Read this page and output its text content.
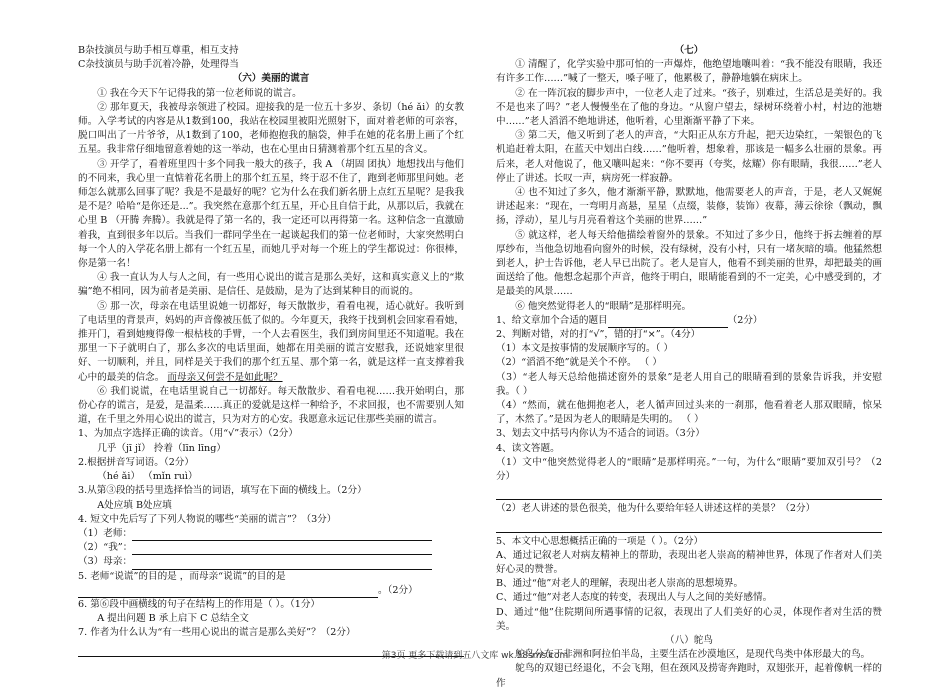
B杂技演员与助手相互尊重，相互支持

C杂技演员与助手沉着冷静，处理得当

（六）美丽的谎言

① 我在今天下午记得我的第一位老师说的谎言。

② 那年夏天，我被母亲领进了校园。迎接我的是一位五十多岁、条切（hé ǎi）的女教师。入学考试的内容是从1数到100，我站在校园里被阳光照射下，面对着老师的可亲容，脱口叫出了一片爷爷，从1数到了100，老师抱抱我的脑袋，伸手在她的花名册上画了个红五星。我非常仔细地留意着她的这一举动，也在心里由日猜测着那个红五星的含义。

③ 开学了，看着班里四十多个同我一般大的孩子，我 A （胡固 团执）地想找出与他们的不同来，我心里一直惦着花名册上的那个红五星，终于忍不住了，跑到老师那里问她。老师怎么就那么回事了呢？我是不是最好的呢？它为什么在我们新名册上点红五星呢？是我我是不是？哈哈“是你还是...”。我突然在意那个红五星，开心且自信于此，从那以后，我就在心里 B （开腾 奔腾）。我就是得了第一名的，我一定还可以再得第一名。这种信念一直激励着我，直到很多年以后。当我们一群同学坐在一起谈起我们的第一位老师时，大家突然明白每一个人的入学花名册上都有一个红五星，而她几乎对每一个班上的学生都说过：你很棒，你是第一名！

④ 我一直认为人与人之间，有一些用心说出的谎言是那么美好，这和真实意义上的“欺骗”绝不相同，因为前者是美丽、是信任、是鼓励，是为了达到某种目的而说的。

⑤ 那一次，母亲在电话里说她一切都好，每天散散步，看看电视，适心就好。我听到了电话里的背景声，妈妈的声音像被压低了似的。今年夏天，我终于找到机会回家看看她，推开门，看到她瘦得像一根枯枝的手臂，一个人去看医生，我们到房间里还不知道呢。我在那里一下子就明白了，那么多次的电话里面，她都在用美丽的谎言安慰我，还说她家里很好、一切顺利，并且，同样是关于我们的那个红五星、那个第一名，就是这样一直支撑着我心中的最美的信念。 而母亲又何尝不是如此呢？

⑥ 我们说谎，在电话里说自己一切都好。每天散散步、看看电视……我开始明白，那份心存的谎言，是爱，是温柔……真正的爱就是这样一种给予，不求回报，也不需要别人知道，在千里之外用心说出的谎言，只为对方的心安。我愿意永远记住那些美丽的谎言。

1、为加点字选择正确的读音。（用“√”表示）（2分）

几乎（jī jǐ） 拎着（līn līng）

2.根据拼音写词语。（2分）

（hé ǎi） （mǐn ruì）

3.从第③段的括号里选择恰当的词语，填写在下面的横线上。（2分）

A处应填 B处应填

4. 短文中先后写了下列人物说的哪些“美丽的谎言”？（3分）

（1）老师：

（2）“我”：

（3）母亲：

5. 老师“说谎”的目的是 ，而母亲“说谎”的目的是

。（2分）

6. 第⑥段中画横线的句子在结构上的作用是（ ）。（1分）

A 提出问题 B 承上启下 C 总结全文

7. 作者为什么认为“有一些用心说出的谎言是那么美好”？（2分）

（七）

① 清醒了，化学实验中那可怕的一声爆炸，他绝望地嚷叫着：“我不能没有眼睛，我还有许多工作……”喊了一整天，嗓子哑了，他累极了，静静地躺在病床上。

② 在一阵沉寂的脚步声中，一位老人走了过来。“孩子，别难过，生活总是美好的。我不是也来了吗？”老人慢慢坐在了他的身边。“从窗户望去，绿树环绕着小村，村边的池塘中……”老人滔滔不绝地讲述，他听着，心里渐渐平静了下来。

③ 第二天，他又听到了老人的声音，“大阳正从东方升起，把天边染红，一架银色的飞机追赶着太阳，在蓝天中划出白线……”他听着，想象着，那该是一幅多么壮丽的景象。再后来，老人对他说了，他又嚷叫起来：“你不要再（夸奖，炫耀）你有眼睛，我很……”老人停止了讲述。长叹一声，病房死一样寂静。

④ 也不知过了多久，他才渐渐平静，默默地，他需要老人的声音，于是，老人又娓娓讲述起来：“现在，一弯明月高悬，星星（点缀，装修，装饰）夜幕，薄云徐徐（飘动，飘扬，浮动），星儿与月亮看着这个美丽的世界……”

⑤ 就这样，老人每天给他描绘着窗外的景象。不知过了多少日，他终于拆去缠着的厚厚纱布，当他急切地看向窗外的时候，没有绿树，没有小村，只有一堵灰暗的墙。他猛然想到老人，护士告诉他，老人早已出院了。老人是盲人，他看不到美丽的世界，却把最美的画面送给了他。他想念起那个声音，他终于明白，眼睛能看到的不一定美，心中感受到的，才是最美的风景……

⑥ 他突然觉得老人的“眼睛”是那样明亮。

1、给文章加个合适的题目	（2分）

2、判断对错，对的打“√”，错的打“×”。（4分）

（1）本文是按事情的发展顺序写的。（ ）

（2）“滔滔不绝”就是关个不停。 （ ）

（3）“老人每天总给他描述窗外的景象”是老人用自己的眼睛看到的景象告诉我，并安慰我。（ ）

（4）“然而，就在他拥抱老人，老人循声回过头来的一刹那，他看着老人那双眼睛，惊呆了，木然了。”是因为老人的眼睛是失明的。 （ ）

3、划去文中括号内你认为不适合的词语。（3分）

4、读文答题。

（1）文中“他突然觉得老人的“眼睛”是那样明亮。”一句，为什么“眼睛”要加双引号？（2分）

（2）老人讲述的景色很美，他为什么要给年轻人讲述这样的美景？（2分）

5、本文中心思想概括正确的一项是（ ）。（2分）

A、通过记叙老人对病友精神上的帮助，表现出老人崇高的精神世界，体现了作者对人们美好心灵的赞誉。

B、通过“他”对老人的理解，表现出老人崇高的思想境界。

C、通过“他”对老人态度的转变，表现出人与人之间的美好感情。

D、通过“他”住院期间所遇事情的记叙，表现出了人们美好的心灵，体现作者对生活的赞美。

（八）鸵鸟

鸵鸟分布于非洲和阿拉伯半岛，主要生活在沙漠地区，是现代鸟类中体形最大的鸟。

鸵鸟的双翅已经退化，不会飞翔，但在颈风及捞寄奔跑时，双翅张开，起着像帆一样的作

第3页 更多下载请到五八文库 wk.58sms.com
